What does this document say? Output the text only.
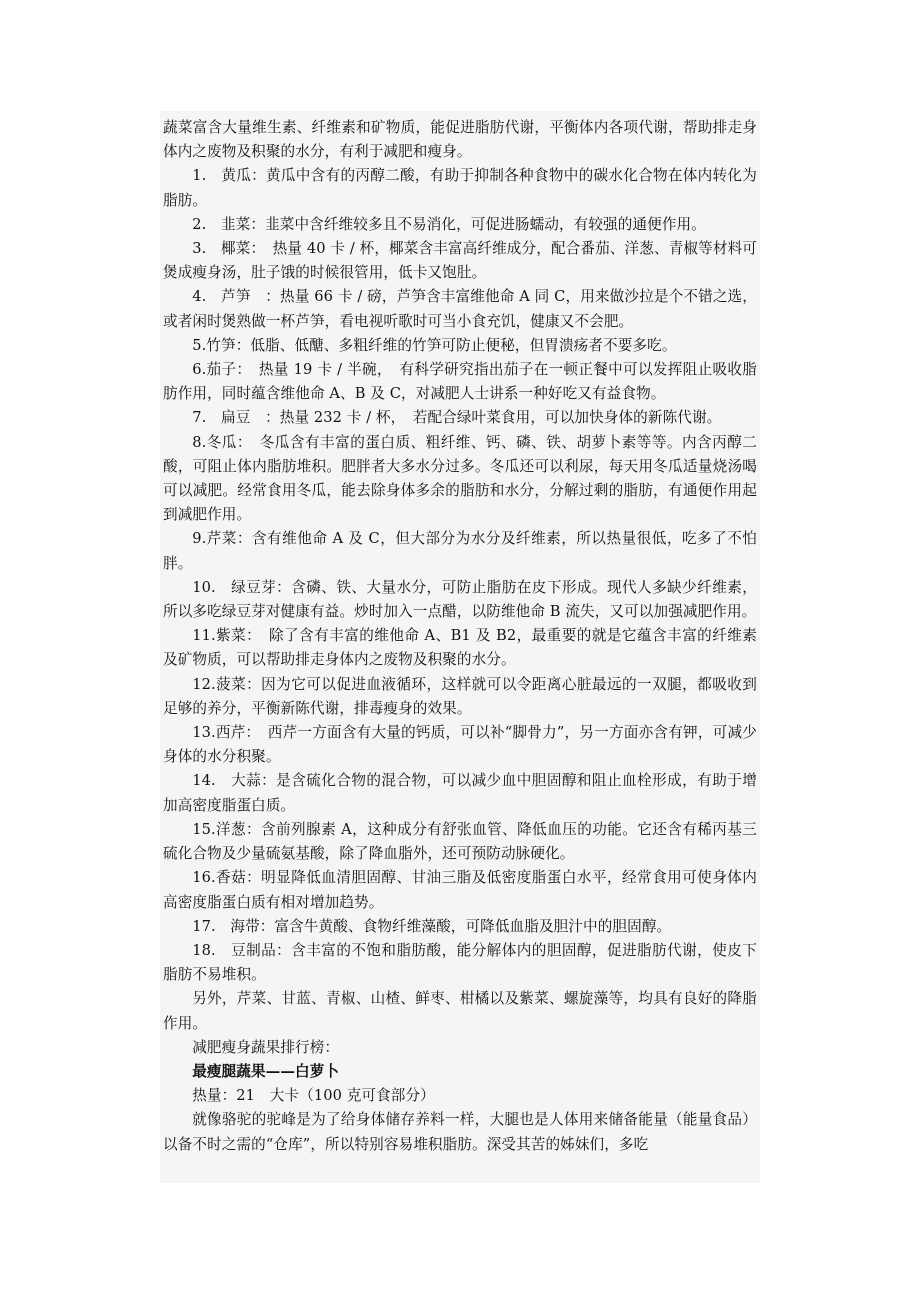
蔬菜富含大量维生素、纤维素和矿物质，能促进脂肪代谢，平衡体内各项代谢，帮助排走身体内之废物及积聚的水分，有利于减肥和瘦身。

1.　黄瓜：黄瓜中含有的丙醇二酸，有助于抑制各种食物中的碳水化合物在体内转化为脂肪。

2.　韭菜：韭菜中含纤维较多且不易消化，可促进肠蠕动，有较强的通便作用。

3.　椰菜：　热量 40 卡 / 杯，椰菜含丰富高纤维成分，配合番茄、洋葱、青椒等材料可煲成瘦身汤，肚子饿的时候很管用，低卡又饱肚。

4.　芦笋　：热量 66 卡 / 磅，芦笋含丰富维他命 A 同 C，用来做沙拉是个不错之选，或者闲时煲熟做一杯芦笋，看电视听歌时可当小食充饥，健康又不会肥。

5.竹笋：低脂、低醣、多粗纤维的竹笋可防止便秘，但胃溃疡者不要多吃。

6.茄子：　热量 19 卡 / 半碗，　有科学研究指出茄子在一顿正餐中可以发挥阻止吸收脂肪作用，同时蕴含维他命 A、B 及 C，对减肥人士讲系一种好吃又有益食物。

7.　扁豆　：热量 232 卡 / 杯，　若配合绿叶菜食用，可以加快身体的新陈代谢。

8.冬瓜：　冬瓜含有丰富的蛋白质、粗纤维、钙、磷、铁、胡萝卜素等等。内含丙醇二酸，可阻止体内脂肪堆积。肥胖者大多水分过多。冬瓜还可以利尿，每天用冬瓜适量烧汤喝可以减肥。经常食用冬瓜，能去除身体多余的脂肪和水分，分解过剩的脂肪，有通便作用起到减肥作用。

9.芹菜：含有维他命 A 及 C，但大部分为水分及纤维素，所以热量很低，吃多了不怕胖。

10.　绿豆芽：含磷、铁、大量水分，可防止脂肪在皮下形成。现代人多缺少纤维素，所以多吃绿豆芽对健康有益。炒时加入一点醋，以防维他命 B 流失，又可以加强减肥作用。

11.紫菜：　除了含有丰富的维他命 A、B1 及 B2，最重要的就是它蕴含丰富的纤维素及矿物质，可以帮助排走身体内之废物及积聚的水分。

12.菠菜：因为它可以促进血液循环，这样就可以令距离心脏最远的一双腿，都吸收到足够的养分，平衡新陈代谢，排毒瘦身的效果。

13.西芹：　西芹一方面含有大量的钙质，可以补“脚骨力”，另一方面亦含有钾，可减少身体的水分积聚。

14.　大蒜：是含硫化合物的混合物，可以减少血中胆固醇和阻止血栓形成，有助于增加高密度脂蛋白质。

15.洋葱：含前列腺素 A，这种成分有舒张血管、降低血压的功能。它还含有稀丙基三硫化合物及少量硫氨基酸，除了降血脂外，还可预防动脉硬化。

16.香菇：明显降低血清胆固醇、甘油三脂及低密度脂蛋白水平，经常食用可使身体内高密度脂蛋白质有相对增加趋势。

17.　海带：富含牛黄酸、食物纤维藻酸，可降低血脂及胆汁中的胆固醇。

18.　豆制品：含丰富的不饱和脂肪酸，能分解体内的胆固醇，促进脂肪代谢，使皮下脂肪不易堆积。

另外，芹菜、甘蓝、青椒、山楂、鲜枣、柑橘以及紫菜、螺旋藻等，均具有良好的降脂作用。

减肥瘦身蔬果排行榜：

最瘦腿蔬果——白萝卜

热量：21　大卡（100 克可食部分）

就像骆驼的驼峰是为了给身体储存养料一样，大腿也是人体用来储备能量（能量食品）以备不时之需的“仓库”，所以特别容易堆积脂肪。深受其苦的姊妹们，多吃
